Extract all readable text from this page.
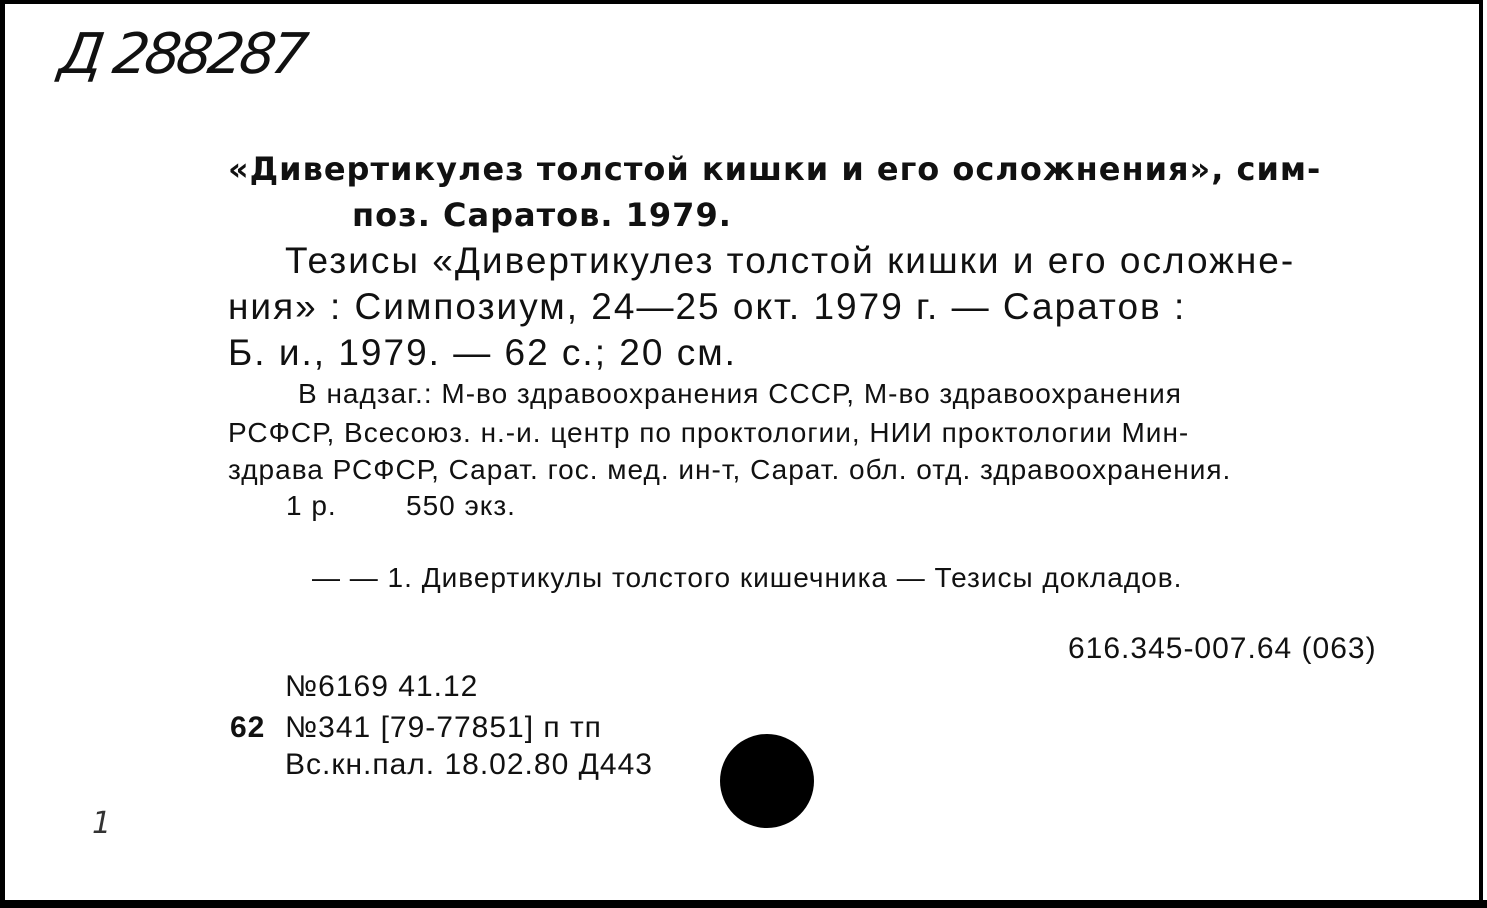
Д 288287
«Дивертикулез толстой кишки и его осложнения», сим-
поз. Саратов. 1979.
Тезисы «Дивертикулез толстой кишки и его осложне-
ния» : Симпозиум, 24—25 окт. 1979 г. — Саратов :
Б. и., 1979. — 62 с.; 20 см.
В надзаг.: М-во здравоохранения СССР, М-во здравоохранения
РСФСР, Всесоюз. н.-и. центр по проктологии, НИИ проктологии Мин-
здрава РСФСР, Сарат. гос. мед. ин-т, Сарат. обл. отд. здравоохранения.
1 р. 550 экз.
— — 1. Дивертикулы толстого кишечника — Тезисы докладов.
616.345-007.64 (063)
№6169 41.12
62 №341 [79-77851] п тп
Вс.кн.пал. 18.02.80 Д443
1
